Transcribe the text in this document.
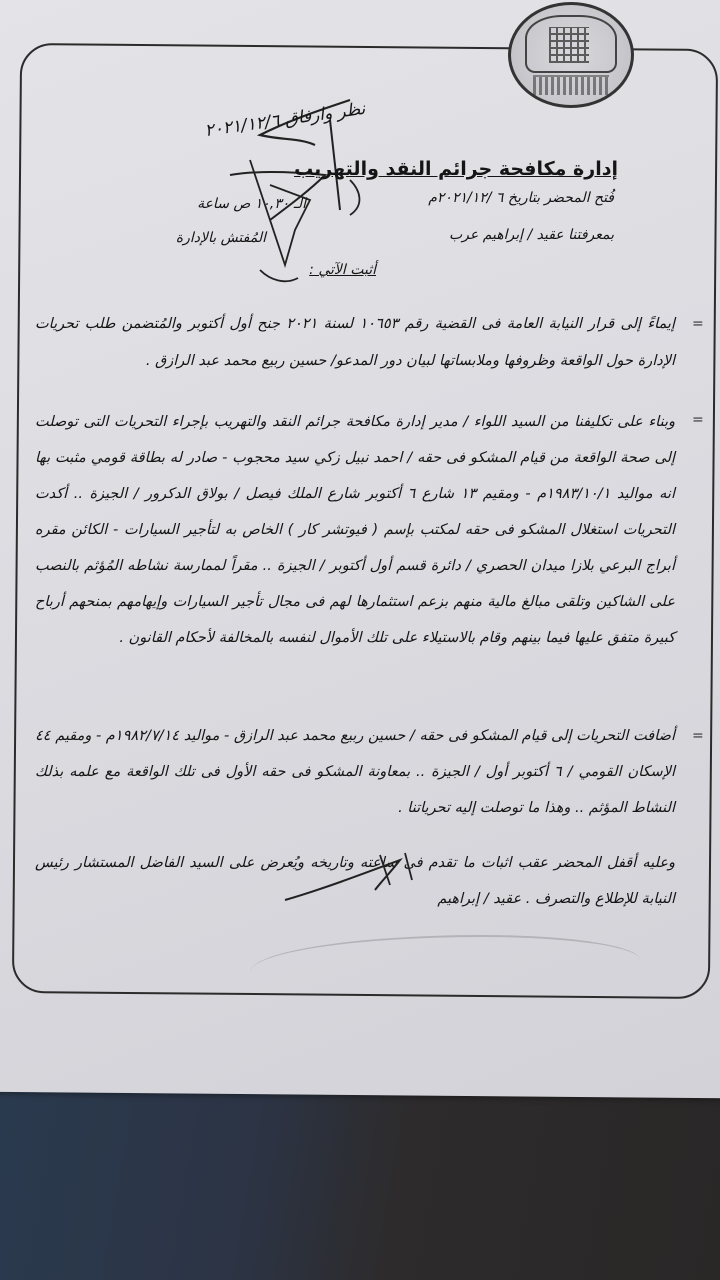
نظر وارفاق ٢٠٢١/١٢/٦
إدارة مكافحة جرائم النقد والتهريب
فُتح المحضر بتاريخ ٦ /٢٠٢١/١٢م
بمعرفتنا عقيد / إبراهيم عرب
الـ ١٠,٣٠ ص ساعة
المُفتش بالإدارة
أثبت الآتي :
=
=
=
إيماءً إلى قرار النيابة العامة فى القضية رقم ١٠٦٥٣ لسنة ٢٠٢١ جنح أول أكتوبر والمُتضمن طلب تحريات الإدارة حول الواقعة وظروفها وملابساتها لبيان دور المدعو/ حسين ربيع محمد عبد الرازق .
وبناء على تكليفنا من السيد اللواء / مدير إدارة مكافحة جرائم النقد والتهريب بإجراء التحريات التى توصلت إلى صحة الواقعة من قيام المشكو فى حقه / احمد نبيل زكي سيد محجوب - صادر له بطاقة قومي مثبت بها انه مواليد ١٩٨٣/١٠/١م - ومقيم ١٣ شارع ٦ أكتوبر شارع الملك فيصل / بولاق الدكرور / الجيزة .. أكدت التحريات استغلال المشكو فى حقه لمكتب بإسم ( فيوتشر كار ) الخاص به لتأجير السيارات - الكائن مقره أبراج البرعي بلازا ميدان الحصري / دائرة قسم أول أكتوبر / الجيزة .. مقراً لممارسة نشاطه المُؤثم بالنصب على الشاكين وتلقى مبالغ مالية منهم بزعم استثمارها لهم فى مجال تأجير السيارات وإيهامهم بمنحهم أرباح كبيرة متفق عليها فيما بينهم وقام بالاستيلاء على تلك الأموال لنفسه بالمخالفة لأحكام القانون .
أضافت التحريات إلى قيام المشكو فى حقه / حسين ربيع محمد عبد الرازق - مواليد ١٩٨٢/٧/١٤م - ومقيم ٤٤ الإسكان القومي / ٦ أكتوبر أول / الجيزة .. بمعاونة المشكو فى حقه الأول فى تلك الواقعة مع علمه بذلك النشاط المؤثم .. وهذا ما توصلت إليه تحرياتنا .
وعليه أقفل المحضر عقب اثبات ما تقدم فى ساعته وتاريخه ويُعرض على السيد الفاضل المستشار رئيس النيابة للإطلاع والتصرف . عقيد / إبراهيم
